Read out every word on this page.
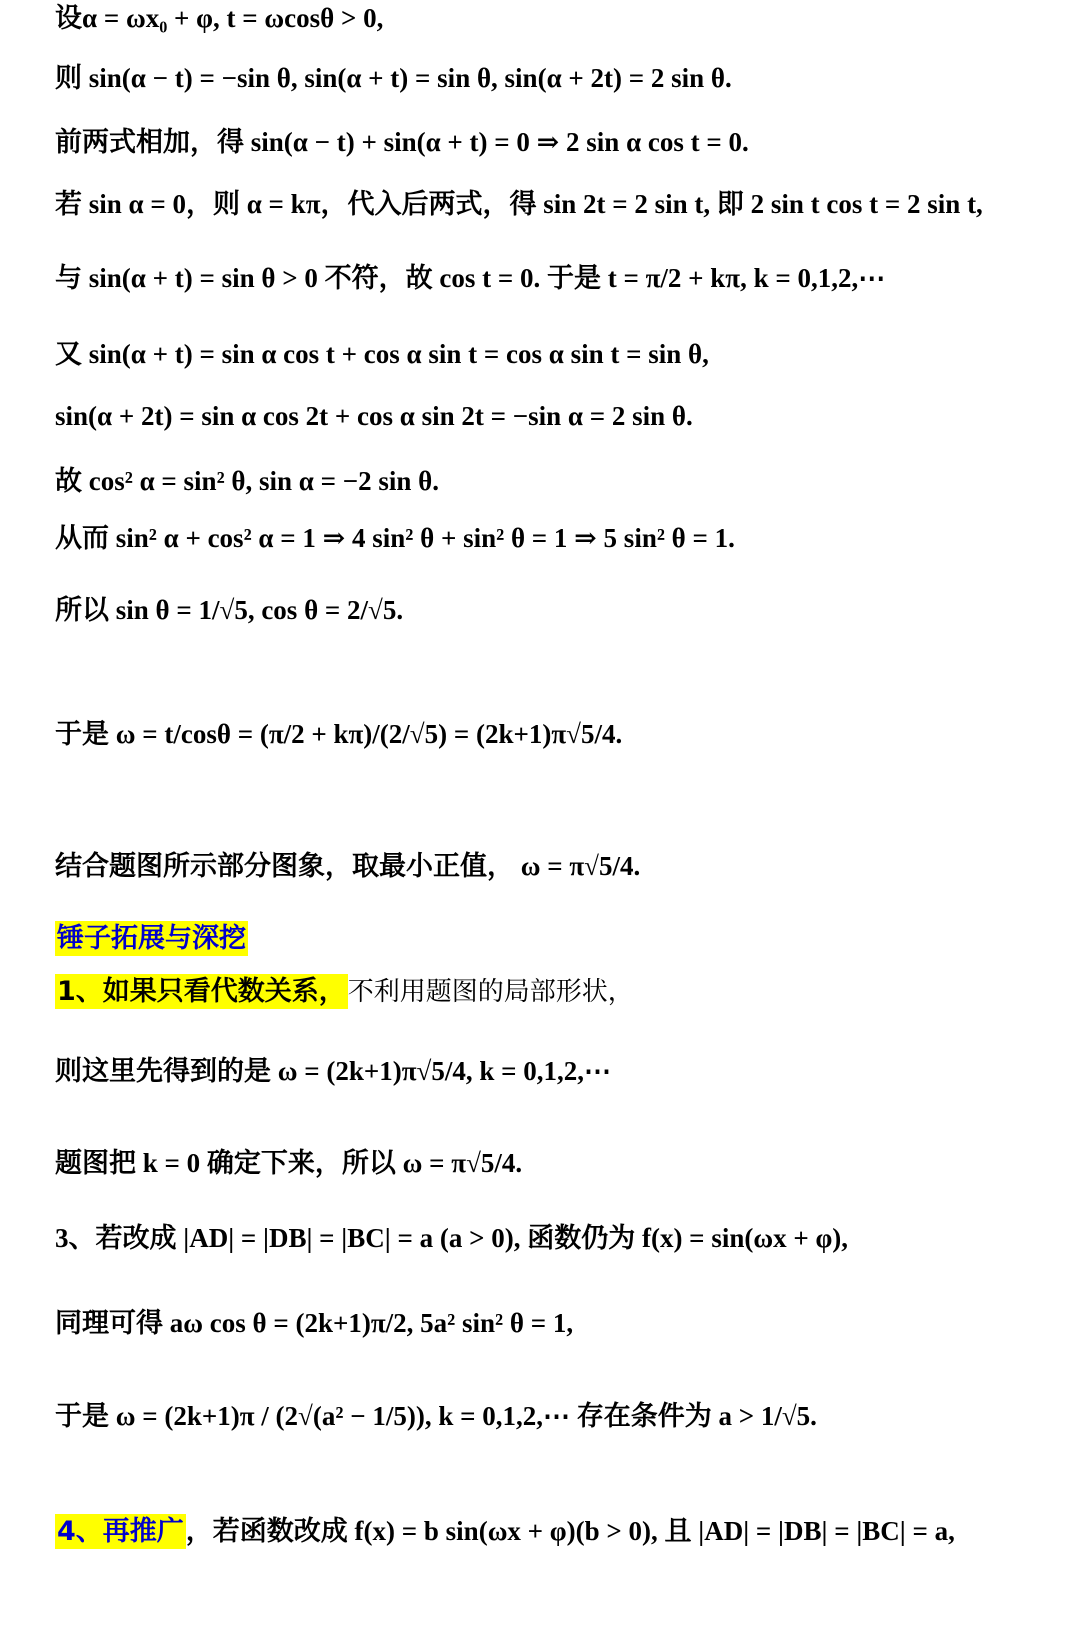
设α = ωx₀ + φ, t = ωcosθ > 0,
则 sin(α − t) = −sin θ, sin(α + t) = sin θ, sin(α + 2t) = 2 sin θ.
前两式相加，得 sin(α − t) + sin(α + t) = 0 ⇒ 2 sin α cos t = 0.
若 sin α = 0，则 α = kπ，代入后两式，得 sin 2t = 2 sin t, 即 2 sin t cos t = 2 sin t,
与 sin(α + t) = sin θ > 0 不符，故 cos t = 0. 于是 t = π/2 + kπ, k = 0,1,2,⋯
又 sin(α + t) = sin α cos t + cos α sin t = cos α sin t = sin θ,
sin(α + 2t) = sin α cos 2t + cos α sin 2t = −sin α = 2 sin θ.
故 cos² α = sin² θ, sin α = −2 sin θ.
从而 sin² α + cos² α = 1 ⇒ 4 sin² θ + sin² θ = 1 ⇒ 5 sin² θ = 1.
所以 sin θ = 1/√5, cos θ = 2/√5.
于是 ω = t/cosθ = (π/2 + kπ)/(2/√5) = (2k+1)π√5/4.
结合题图所示部分图象，取最小正值， ω = π√5/4.
锤子拓展与深挖
1、如果只看代数关系，不利用题图的局部形状，
则这里先得到的是 ω = (2k+1)π√5/4, k = 0,1,2,⋯
题图把 k = 0 确定下来，所以 ω = π√5/4.
3、若改成 |AD| = |DB| = |BC| = a (a > 0), 函数仍为 f(x) = sin(ωx + φ),
同理可得 aω cos θ = (2k+1)π/2, 5a² sin² θ = 1,
于是 ω = (2k+1)π / (2√(a² − 1/5)), k = 0,1,2,⋯ 存在条件为 a > 1/√5.
4、再推广，若函数改成 f(x) = b sin(ωx + φ)(b > 0), 且 |AD| = |DB| = |BC| = a,
